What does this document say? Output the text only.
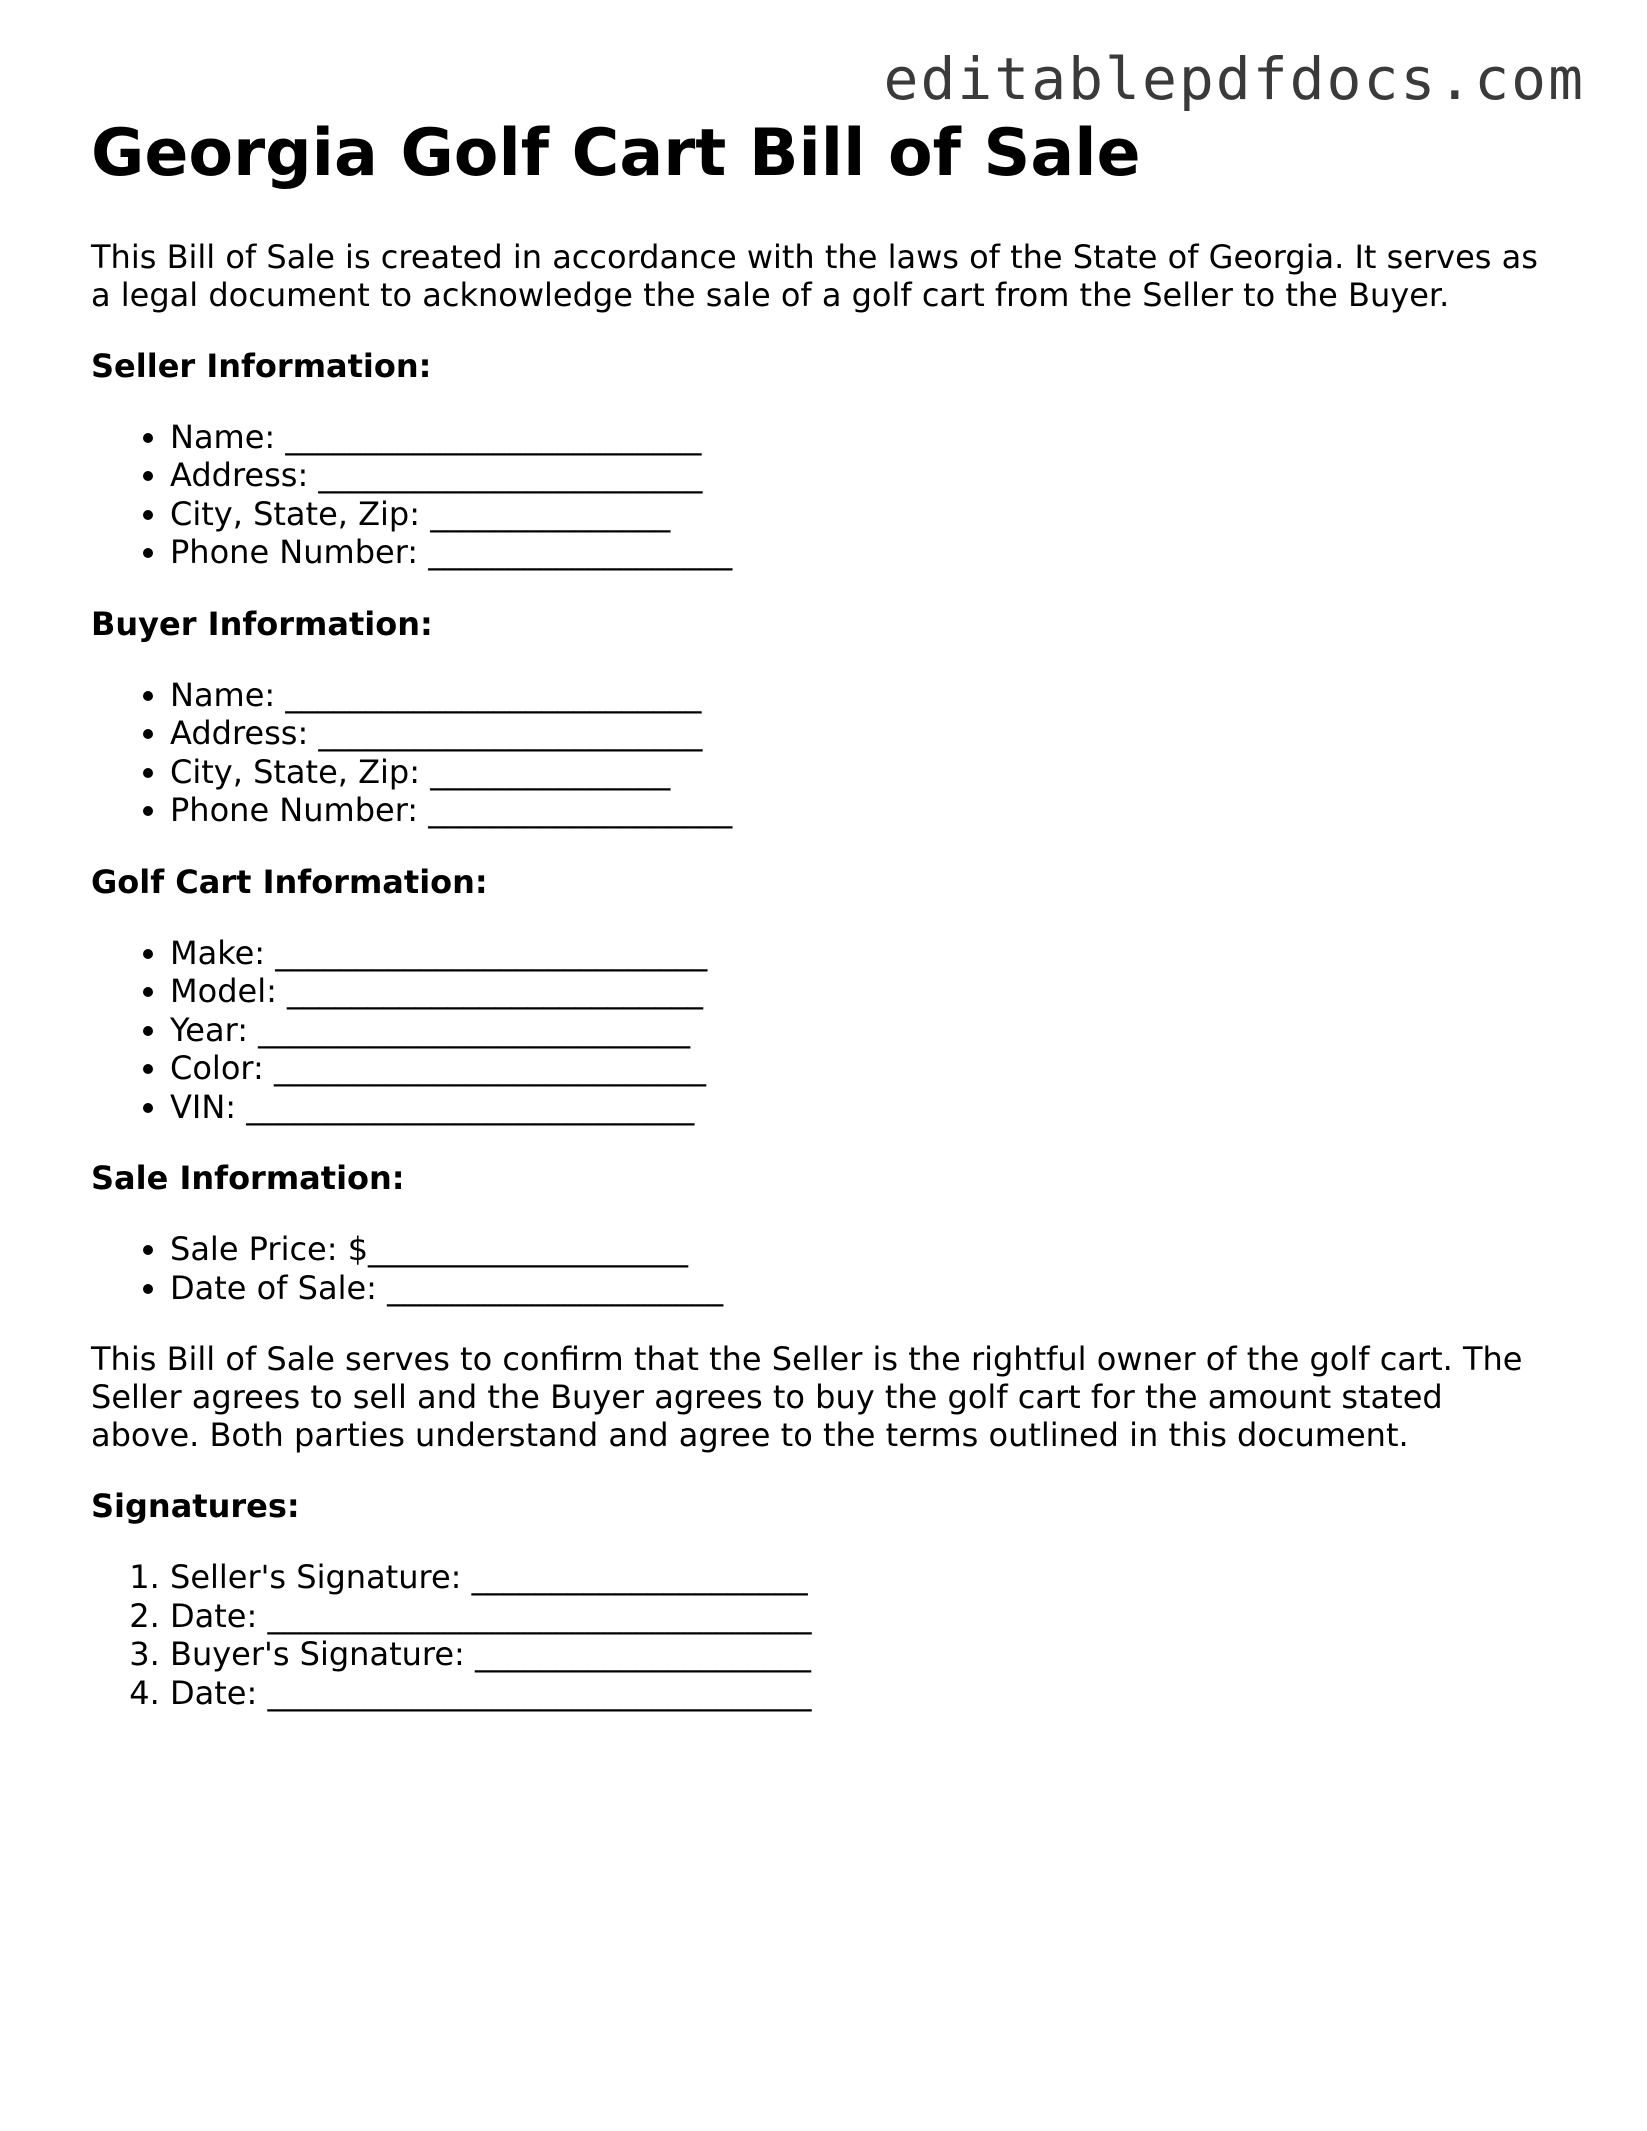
editablepdfdocs.com
Georgia Golf Cart Bill of Sale

This Bill of Sale is created in accordance with the laws of the State of Georgia. It serves as a legal document to acknowledge the sale of a golf cart from the Seller to the Buyer.

Seller Information:
• Name: __________________________
• Address: ________________________
• City, State, Zip: _______________
• Phone Number: ___________________
Buyer Information:
• Name: __________________________
• Address: ________________________
• City, State, Zip: _______________
• Phone Number: ___________________
Golf Cart Information:
• Make: ___________________________
• Model: __________________________
• Year: ___________________________
• Color: ___________________________
• VIN: ____________________________
Sale Information:
• Sale Price: $____________________
• Date of Sale: _____________________

This Bill of Sale serves to confirm that the Seller is the rightful owner of the golf cart. The Seller agrees to sell and the Buyer agrees to buy the golf cart for the amount stated above. Both parties understand and agree to the terms outlined in this document.

Signatures:
1. Seller's Signature: _____________________
2. Date: __________________________________
3. Buyer's Signature: _____________________
4. Date: __________________________________
